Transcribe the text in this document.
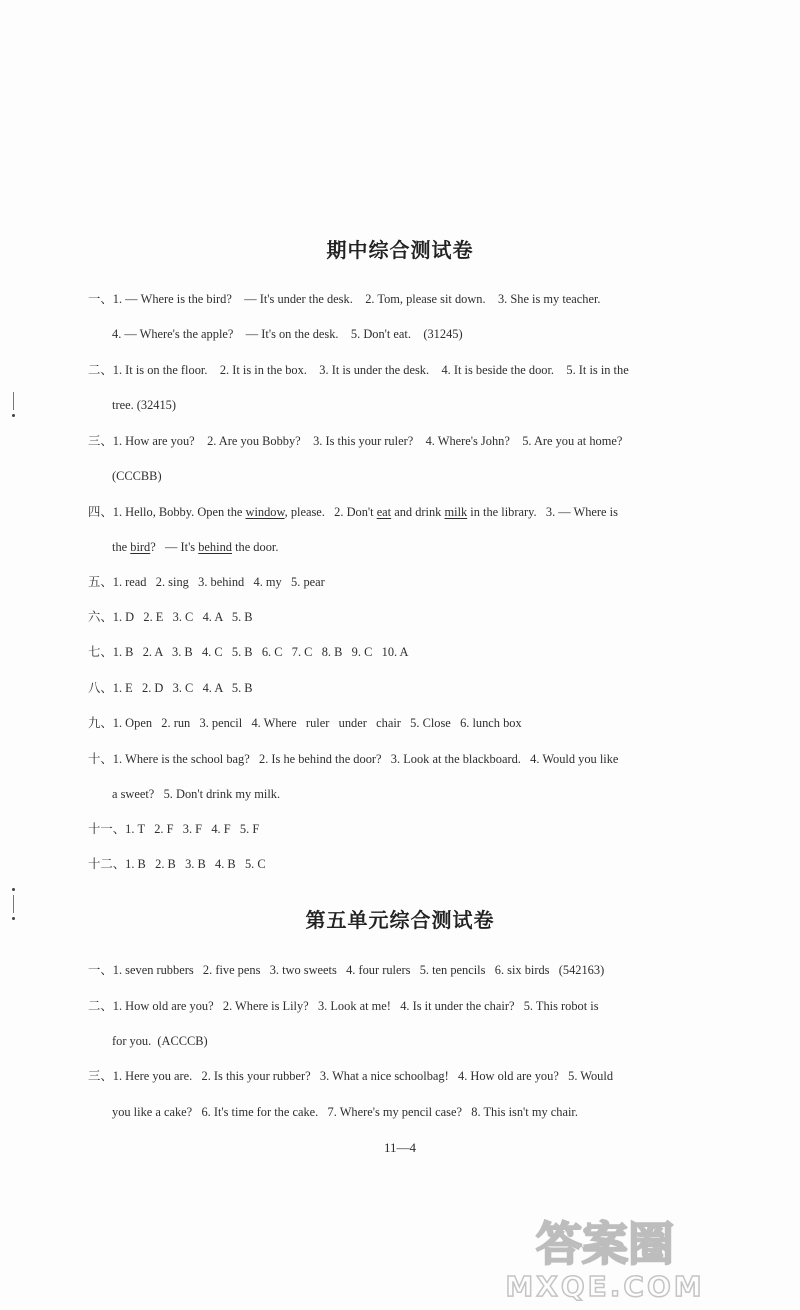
期中综合测试卷
一、1. — Where is the bird? — It's under the desk. 2. Tom, please sit down. 3. She is my teacher.
4. — Where's the apple? — It's on the desk. 5. Don't eat. (31245)
二、1. It is on the floor. 2. It is in the box. 3. It is under the desk. 4. It is beside the door. 5. It is in the
tree. (32415)
三、1. How are you? 2. Are you Bobby? 3. Is this your ruler? 4. Where's John? 5. Are you at home?
(CCCBB)
四、1. Hello, Bobby. Open the window, please.   2. Don't eat and drink milk in the library.   3. — Where is
the bird?   — It's behind the door.
五、1. read   2. sing   3. behind   4. my   5. pear
六、1. D   2. E   3. C   4. A   5. B
七、1. B   2. A   3. B   4. C   5. B   6. C   7. C   8. B   9. C   10. A
八、1. E   2. D   3. C   4. A   5. B
九、1. Open   2. run   3. pencil   4. Where   ruler   under   chair   5. Close   6. lunch box
十、1. Where is the school bag?   2. Is he behind the door?   3. Look at the blackboard.   4. Would you like
a sweet?   5. Don't drink my milk.
十一、1. T   2. F   3. F   4. F   5. F
十二、1. B   2. B   3. B   4. B   5. C
第五单元综合测试卷
一、1. seven rubbers   2. five pens   3. two sweets   4. four rulers   5. ten pencils   6. six birds   (542163)
二、1. How old are you?   2. Where is Lily?   3. Look at me!   4. Is it under the chair?   5. This robot is
for you.  (ACCCB)
三、1. Here you are.   2. Is this your rubber?   3. What a nice schoolbag!   4. How old are you?   5. Would
you like a cake?   6. It's time for the cake.   7. Where's my pencil case?   8. This isn't my chair.
11—4
答案圈
MXQE.COM
